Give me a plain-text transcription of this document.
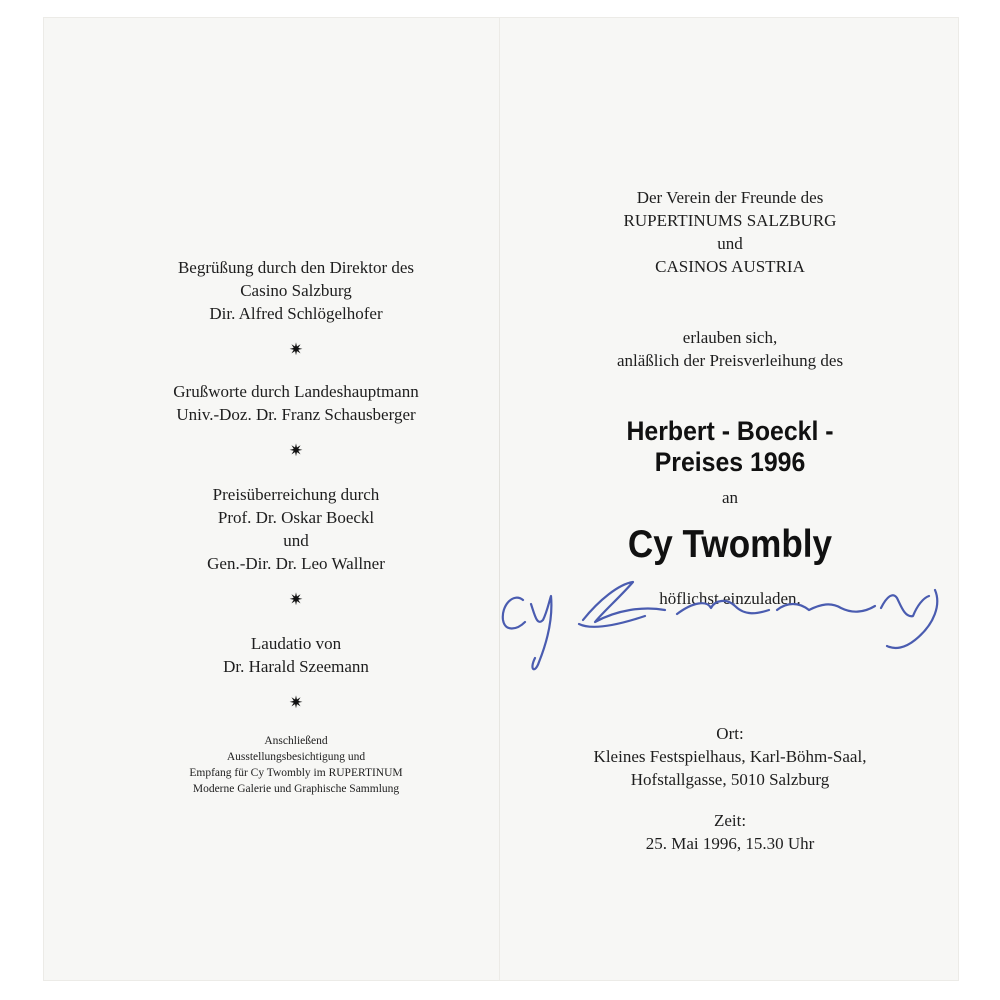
Begrüßung durch den Direktor des
Casino Salzburg
Dir. Alfred Schlögelhofer
✷
Grußworte durch Landeshauptmann
Univ.-Doz. Dr. Franz Schausberger
✷
Preisüberreichung durch
Prof. Dr. Oskar Boeckl
und
Gen.-Dir. Dr. Leo Wallner
✷
Laudatio von
Dr. Harald Szeemann
✷
Anschließend
Ausstellungsbesichtigung und
Empfang für Cy Twombly im RUPERTINUM
Moderne Galerie und Graphische Sammlung
Der Verein der Freunde des
RUPERTINUMS SALZBURG
und
CASINOS AUSTRIA
erlauben sich,
anläßlich der Preisverleihung des
Herbert - Boeckl -
Preises 1996
an
Cy Twombly
höflichst einzuladen.
Ort:
Kleines Festspielhaus, Karl-Böhm-Saal,
Hofstallgasse, 5010 Salzburg
Zeit:
25. Mai 1996, 15.30 Uhr
